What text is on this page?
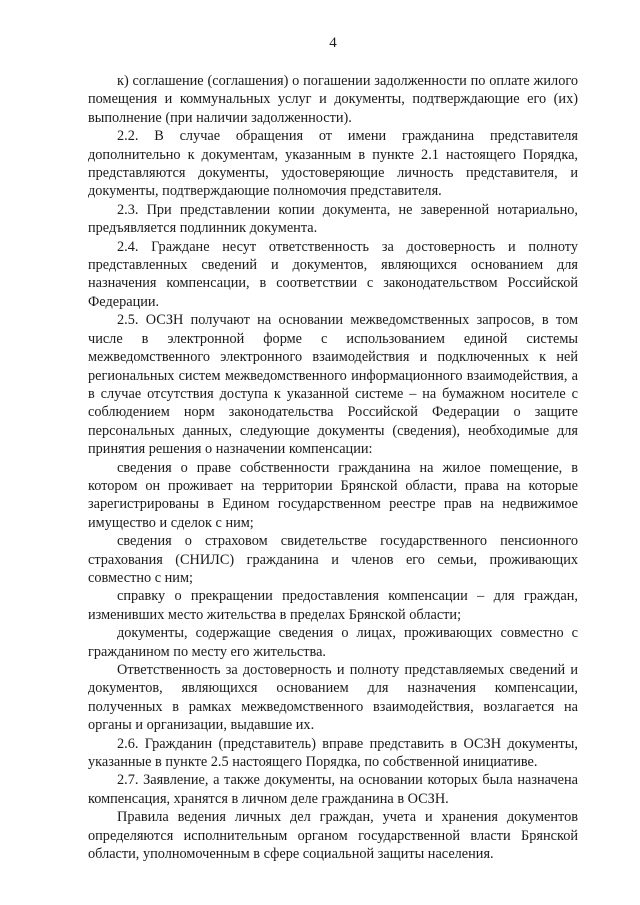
4

к) соглашение (соглашения) о погашении задолженности по оплате жилого помещения и коммунальных услуг и документы, подтверждающие его (их) выполнение (при наличии задолженности).

2.2. В случае обращения от имени гражданина представителя дополнительно к документам, указанным в пункте 2.1 настоящего Порядка, представляются документы, удостоверяющие личность представителя, и документы, подтверждающие полномочия представителя.

2.3. При представлении копии документа, не заверенной нотариально, предъявляется подлинник документа.

2.4. Граждане несут ответственность за достоверность и полноту представленных сведений и документов, являющихся основанием для назначения компенсации, в соответствии с законодательством Российской Федерации.

2.5. ОСЗН получают на основании межведомственных запросов, в том числе в электронной форме с использованием единой системы межведомственного электронного взаимодействия и подключенных к ней региональных систем межведомственного информационного взаимодействия, а в случае отсутствия доступа к указанной системе – на бумажном носителе с соблюдением норм законодательства Российской Федерации о защите персональных данных, следующие документы (сведения), необходимые для принятия решения о назначении компенсации:

сведения о праве собственности гражданина на жилое помещение, в котором он проживает на территории Брянской области, права на которые зарегистрированы в Едином государственном реестре прав на недвижимое имущество и сделок с ним;

сведения о страховом свидетельстве государственного пенсионного страхования (СНИЛС) гражданина и членов его семьи, проживающих совместно с ним;

справку о прекращении предоставления компенсации – для граждан, изменивших место жительства в пределах Брянской области;

документы, содержащие сведения о лицах, проживающих совместно с гражданином по месту его жительства.

Ответственность за достоверность и полноту представляемых сведений и документов, являющихся основанием для назначения компенсации, полученных в рамках межведомственного взаимодействия, возлагается на органы и организации, выдавшие их.

2.6. Гражданин (представитель) вправе представить в ОСЗН документы, указанные в пункте 2.5 настоящего Порядка, по собственной инициативе.

2.7. Заявление, а также документы, на основании которых была назначена компенсация, хранятся в личном деле гражданина в ОСЗН.

Правила ведения личных дел граждан, учета и хранения документов определяются исполнительным органом государственной власти Брянской области, уполномоченным в сфере социальной защиты населения.
